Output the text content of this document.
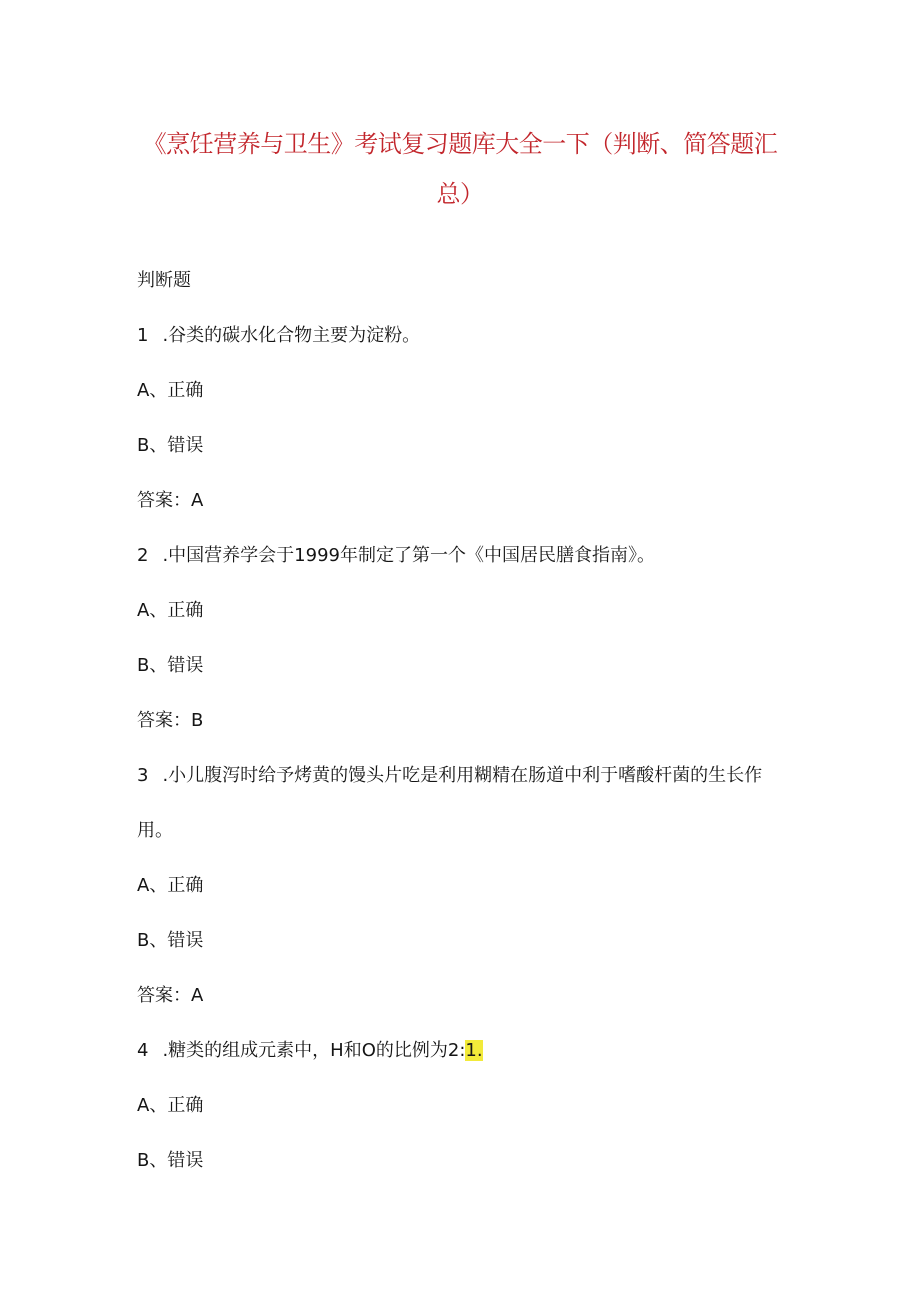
《烹饪营养与卫生》考试复习题库大全一下（判断、简答题汇
总）
判断题
1 .谷类的碳水化合物主要为淀粉。
A、正确
B、错误
答案：A
2 .中国营养学会于1999年制定了第一个《中国居民膳食指南》。
A、正确
B、错误
答案：B
3 .小儿腹泻时给予烤黄的馒头片吃是利用糊精在肠道中利于嗜酸杆菌的生长作
用。
A、正确
B、错误
答案：A
4 .糖类的组成元素中，H和O的比例为2:1.
A、正确
B、错误
